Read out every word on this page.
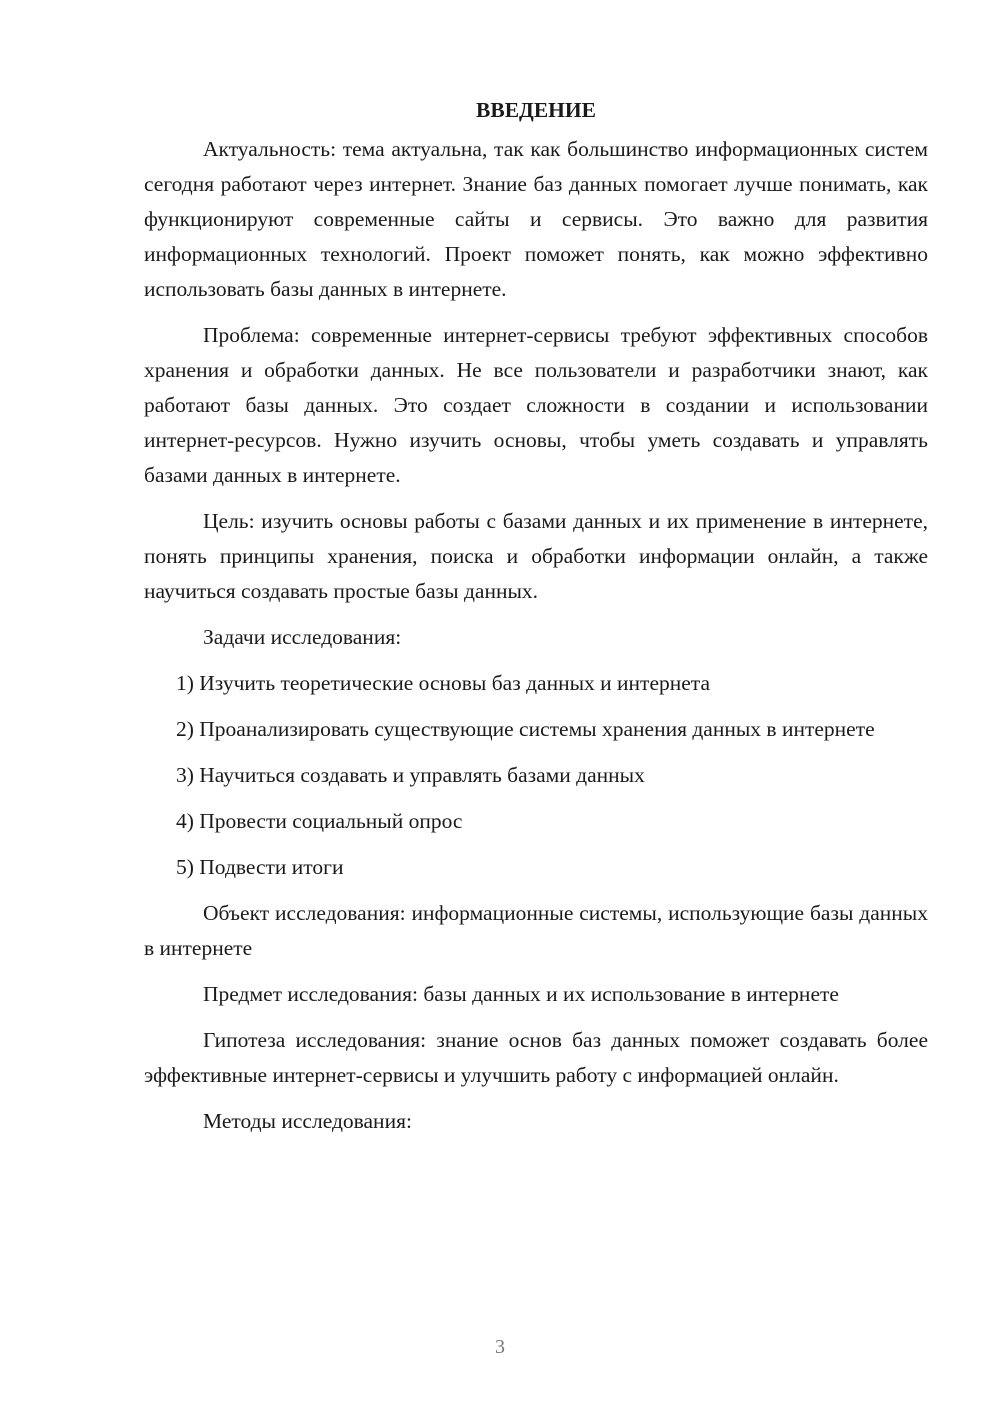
ВВЕДЕНИЕ

Актуальность: тема актуальна, так как большинство информационных систем сегодня работают через интернет. Знание баз данных помогает лучше понимать, как функционируют современные сайты и сервисы. Это важно для развития информационных технологий. Проект поможет понять, как можно эффективно использовать базы данных в интернете.

Проблема: современные интернет-сервисы требуют эффективных способов хранения и обработки данных. Не все пользователи и разработчики знают, как работают базы данных. Это создает сложности в создании и использовании интернет-ресурсов. Нужно изучить основы, чтобы уметь создавать и управлять базами данных в интернете.

Цель: изучить основы работы с базами данных и их применение в интернете, понять принципы хранения, поиска и обработки информации онлайн, а также научиться создавать простые базы данных.

Задачи исследования:

1) Изучить теоретические основы баз данных и интернета

2) Проанализировать существующие системы хранения данных в интернете

3) Научиться создавать и управлять базами данных

4) Провести социальный опрос

5) Подвести итоги

Объект исследования: информационные системы, использующие базы данных в интернете

Предмет исследования: базы данных и их использование в интернете

Гипотеза исследования: знание основ баз данных поможет создавать более эффективные интернет-сервисы и улучшить работу с информацией онлайн.

Методы исследования:

3
